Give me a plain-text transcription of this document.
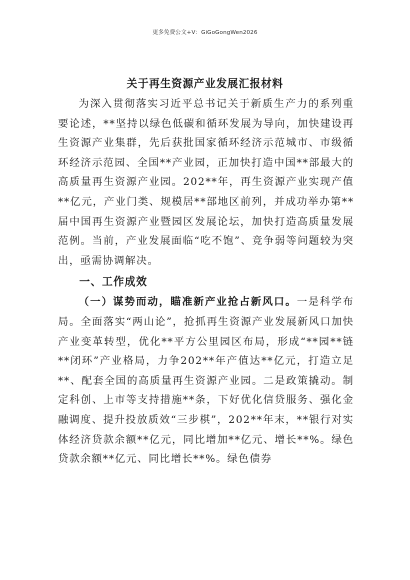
更多免费公文+V：GiGoGongWen2026
关于再生资源产业发展汇报材料

为深入贯彻落实习近平总书记关于新质生产力的系列重要论述，**坚持以绿色低碳和循环发展为导向，加快建设再生资源产业集群，先后获批国家循环经济示范城市、市级循环经济示范园、全国**产业园，正加快打造中国**部最大的高质量再生资源产业园。202**年，再生资源产业实现产值**亿元，产业门类、规模居**部地区前列，并成功举办第**届中国再生资源产业暨园区发展论坛，加快打造高质量发展范例。当前，产业发展面临“吃不饱”、竞争弱等问题较为突出，亟需协调解决。

一、工作成效

（一）谋势而动，瞄准新产业抢占新风口。一是科学布局。全面落实“两山论”，抢抓再生资源产业发展新风口加快产业变革转型，优化**平方公里园区布局，形成“**园**链**闭环”产业格局，力争202**年产值达**亿元，打造立足**、配套全国的高质量再生资源产业园。二是政策撬动。制定科创、上市等支持措施**条，下好优化信贷服务、强化金融调度、提升投放质效“三步棋”，202**年末，**银行对实体经济贷款余额**亿元，同比增加**亿元、增长**%。绿色贷款余额**亿元、同比增长**%。绿色债券
